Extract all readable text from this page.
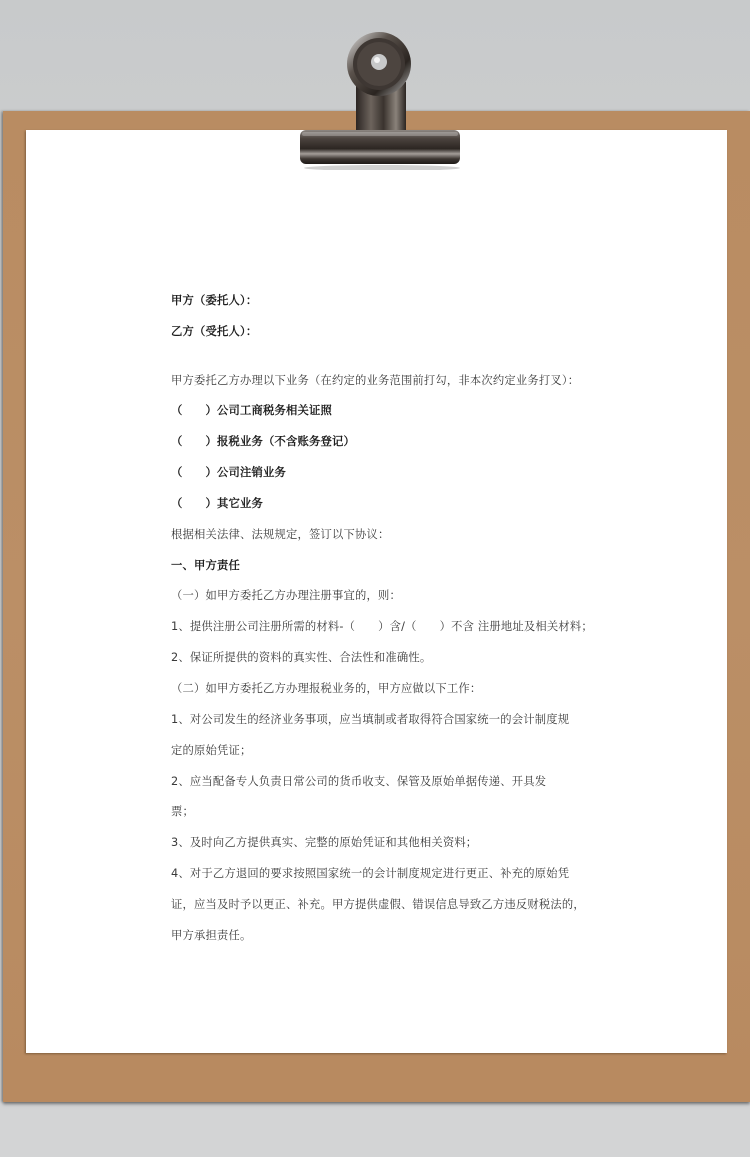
甲方（委托人）：
乙方（受托人）：
甲方委托乙方办理以下业务（在约定的业务范围前打勾，非本次约定业务打叉）：
（　　）公司工商税务相关证照
（　　）报税业务（不含账务登记）
（　　）公司注销业务
（　　）其它业务
根据相关法律、法规规定，签订以下协议：
一、甲方责任
（一）如甲方委托乙方办理注册事宜的，则：
1、提供注册公司注册所需的材料-（　　）含/（　　）不含 注册地址及相关材料；
2、保证所提供的资料的真实性、合法性和准确性。
（二）如甲方委托乙方办理报税业务的，甲方应做以下工作：
1、对公司发生的经济业务事项，应当填制或者取得符合国家统一的会计制度规
定的原始凭证；
2、应当配备专人负责日常公司的货币收支、保管及原始单据传递、开具发
票；
3、及时向乙方提供真实、完整的原始凭证和其他相关资料；
4、对于乙方退回的要求按照国家统一的会计制度规定进行更正、补充的原始凭
证，应当及时予以更正、补充。甲方提供虚假、错误信息导致乙方违反财税法的，
甲方承担责任。
